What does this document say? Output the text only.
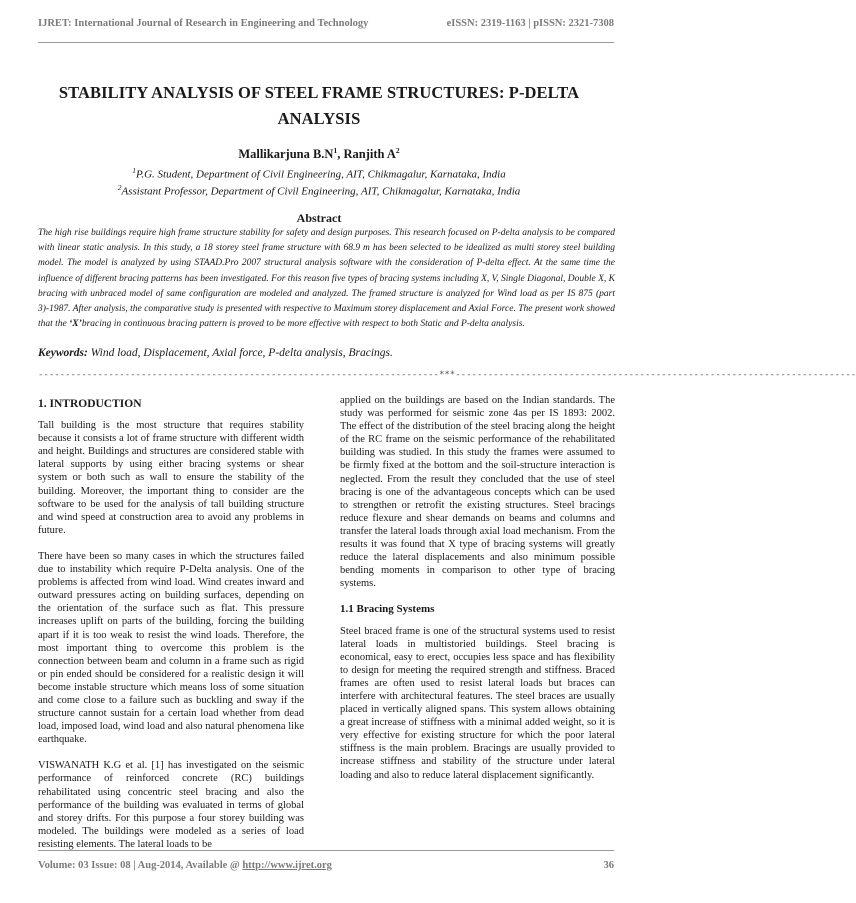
IJRET: International Journal of Research in Engineering and Technology	eISSN: 2319-1163 | pISSN: 2321-7308
STABILITY ANALYSIS OF STEEL FRAME STRUCTURES: P-DELTA
ANALYSIS
Mallikarjuna $B.N^1$, Ranjith $A^2$
$^1$P.G. Student, Department of Civil Engineering, AIT, Chikmagalur, Karnataka, India
$^2$Assistant Professor, Department of Civil Engineering, AIT, Chikmagalur, Karnataka, India
Abstract
The high rise buildings require high frame structure stability for safety and design purposes. This research focused on P-delta analysis to be compared with linear static analysis. In this study, a 18 storey steel frame structure with 68.9 m has been selected to be idealized as multi storey steel building model. The model is analyzed by using STAAD.Pro 2007 structural analysis software with the consideration of P-delta effect. At the same time the influence of different bracing patterns has been investigated. For this reason five types of bracing systems including X, V, Single Diagonal, Double X, K bracing with unbraced model of same configuration are modeled and analyzed. The framed structure is analyzed for Wind load as per IS 875 (part 3)-1987. After analysis, the comparative study is presented with respective to Maximum storey displacement and Axial Force. The present work showed that the ‘X’bracing in continuous bracing pattern is proved to be more effective with respect to both Static and P-delta analysis.
Keywords: Wind load, Displacement, Axial force, P-delta analysis, Bracings.
--------------------------------------------------------------------------***--------------------------------------------------------------------------
1. INTRODUCTION

Tall building is the most structure that requires stability because it consists a lot of frame structure with different width and height. Buildings and structures are considered stable with lateral supports by using either bracing systems or shear system or both such as wall to ensure the stability of the building. Moreover, the important thing to consider are the software to be used for the analysis of tall building structure and wind speed at construction area to avoid any problems in future.

There have been so many cases in which the structures failed due to instability which require P-Delta analysis. One of the problems is affected from wind load. Wind creates inward and outward pressures acting on building surfaces, depending on the orientation of the surface such as flat. This pressure increases uplift on parts of the building, forcing the building apart if it is too weak to resist the wind loads. Therefore, the most important thing to overcome this problem is the connection between beam and column in a frame such as rigid or pin ended should be considered for a realistic design it will become instable structure which means loss of some situation and come close to a failure such as buckling and sway if the structure cannot sustain for a certain load whether from dead load, imposed load, wind load and also natural phenomena like earthquake.

VISWANATH K.G et al. [1] has investigated on the seismic performance of reinforced concrete (RC) buildings rehabilitated using concentric steel bracing and also the performance of the building was evaluated in terms of global and storey drifts. For this purpose a four storey building was modeled. The buildings were modeled as a series of load resisting elements. The lateral loads to be

applied on the buildings are based on the Indian standards. The study was performed for seismic zone 4as per IS 1893: 2002. The effect of the distribution of the steel bracing along the height of the RC frame on the seismic performance of the rehabilitated building was studied. In this study the frames were assumed to be firmly fixed at the bottom and the soil-structure interaction is neglected. From the result they concluded that the use of steel bracing is one of the advantageous concepts which can be used to strengthen or retrofit the existing structures. Steel bracings reduce flexure and shear demands on beams and columns and transfer the lateral loads through axial load mechanism. From the results it was found that X type of bracing systems will greatly reduce the lateral displacements and also minimum possible bending moments in comparison to other type of bracing systems.

1.1 Bracing Systems

Steel braced frame is one of the structural systems used to resist lateral loads in multistoried buildings. Steel bracing is economical, easy to erect, occupies less space and has flexibility to design for meeting the required strength and stiffness. Braced frames are often used to resist lateral loads but braces can interfere with architectural features. The steel braces are usually placed in vertically aligned spans. This system allows obtaining a great increase of stiffness with a minimal added weight, so it is very effective for existing structure for which the poor lateral stiffness is the main problem. Bracings are usually provided to increase stiffness and stability of the structure under lateral loading and also to reduce lateral displacement significantly.

Volume: 03 Issue: 08 | Aug-2014, Available @ http://www.ijret.org	36
